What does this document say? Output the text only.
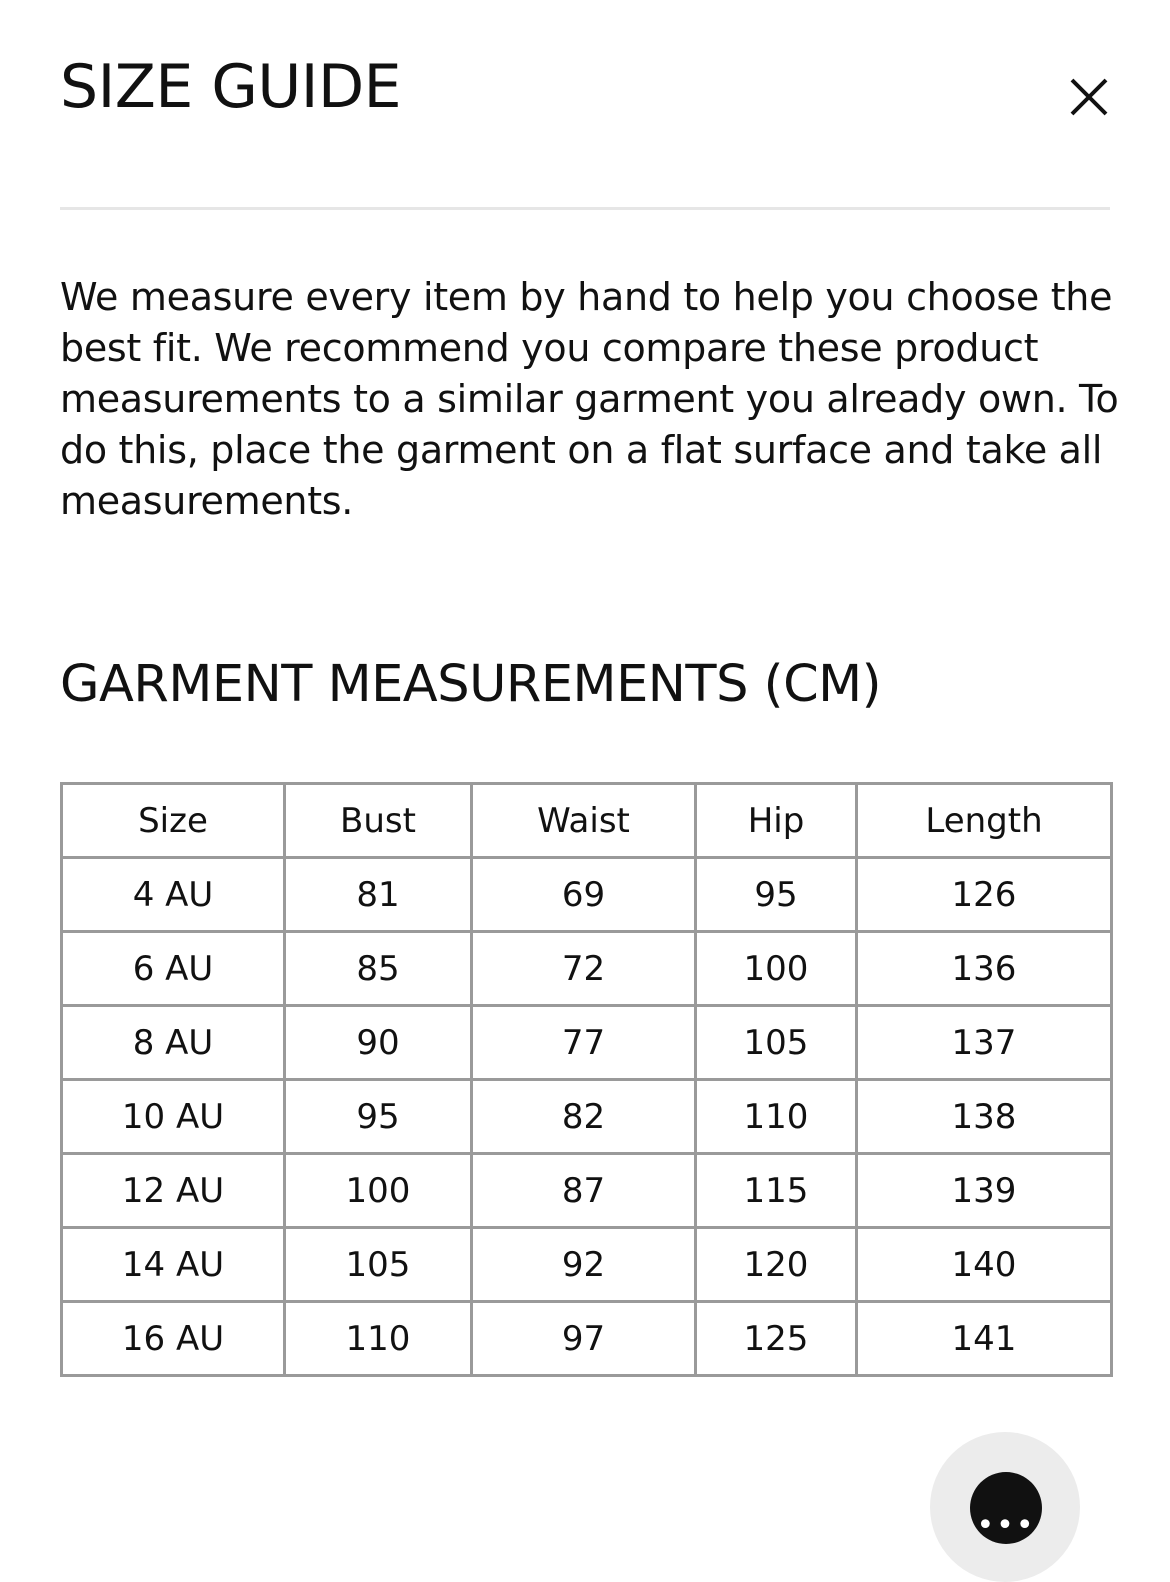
SIZE GUIDE

We measure every item by hand to help you choose the best fit. We recommend you compare these product measurements to a similar garment you already own. To do this, place the garment on a flat surface and take all measurements.

GARMENT MEASUREMENTS (CM)
Size	Bust	Waist	Hip	Length
4 AU	81	69	95	126
6 AU	85	72	100	136
8 AU	90	77	105	137
10 AU	95	82	110	138
12 AU	100	87	115	139
14 AU	105	92	120	140
16 AU	110	97	125	141
•••
